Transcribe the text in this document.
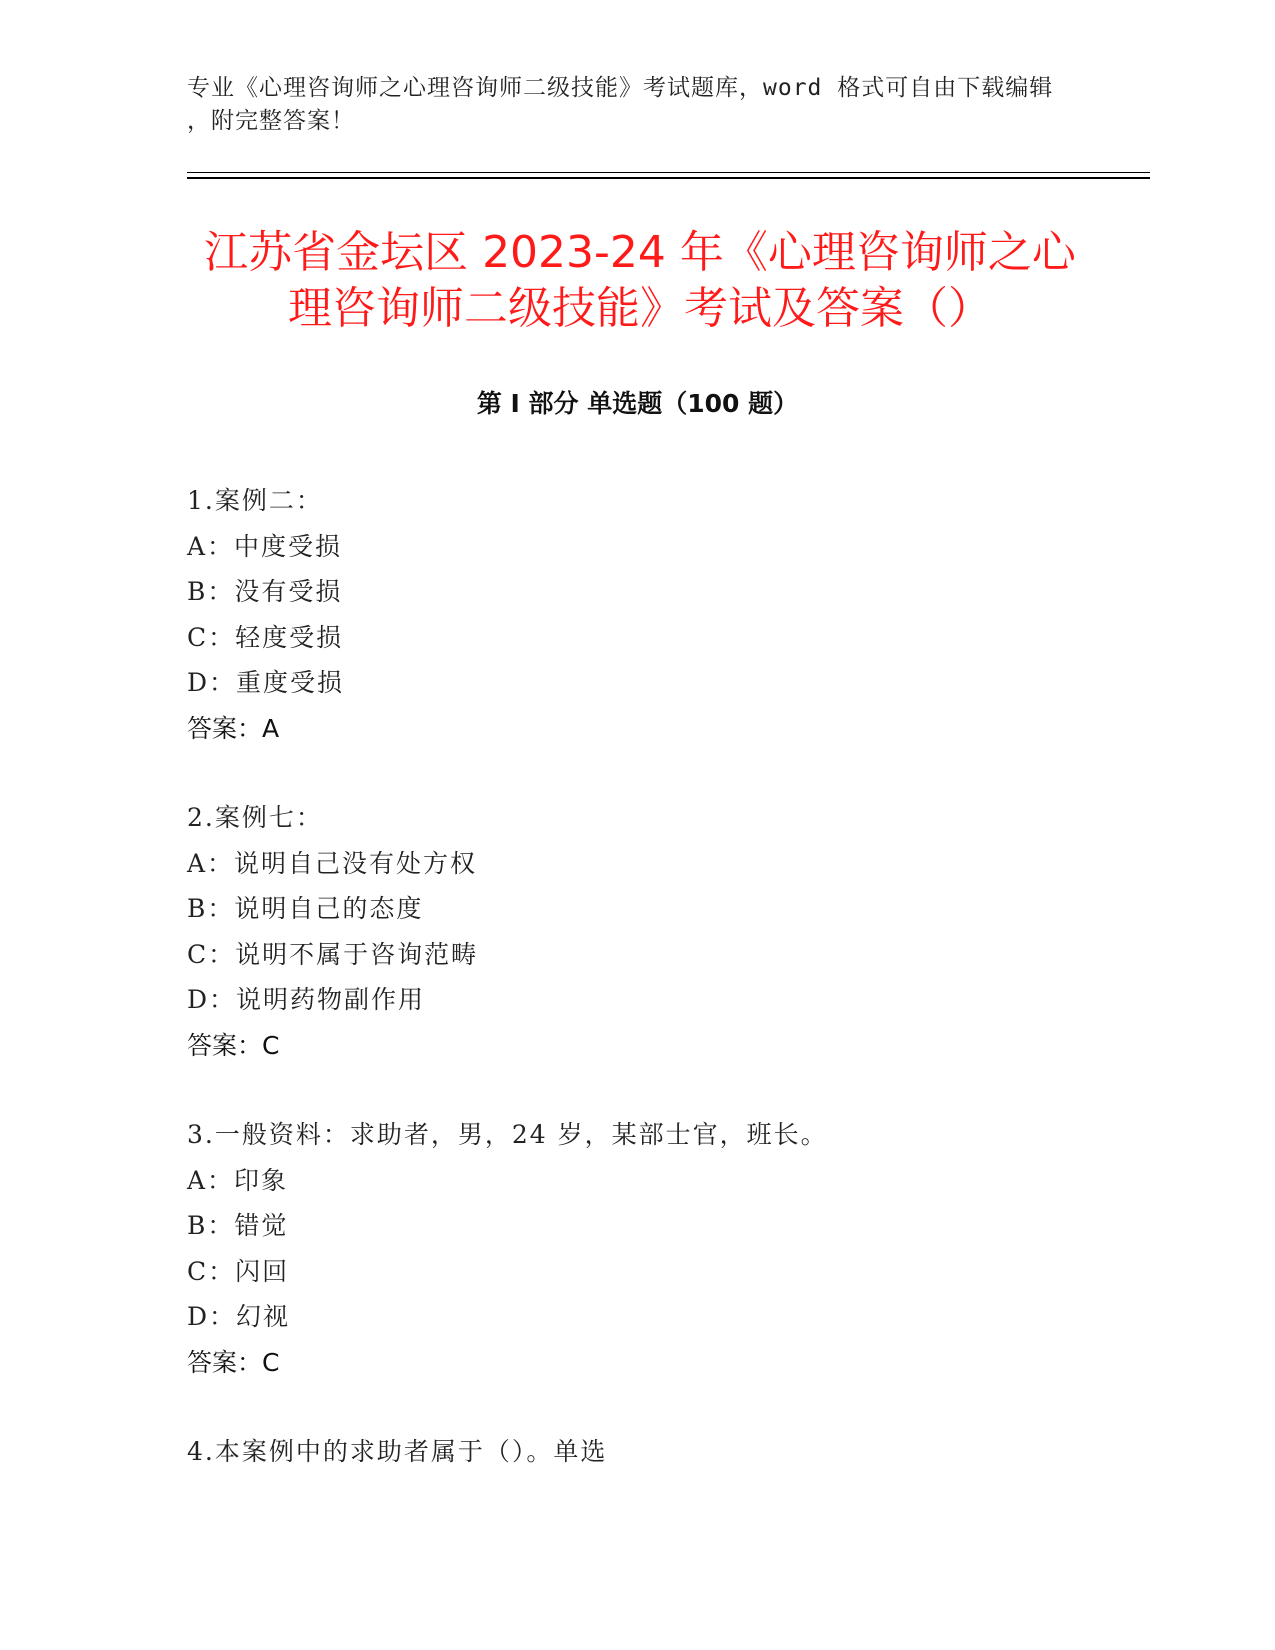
专业《心理咨询师之心理咨询师二级技能》考试题库，word 格式可自由下载编辑
，附完整答案！
江苏省金坛区 2023-24 年《心理咨询师之心
理咨询师二级技能》考试及答案（）
第 I 部分 单选题（100 题）
1.案例二：
A：中度受损
B：没有受损
C：轻度受损
D：重度受损
答案：A
2.案例七：
A：说明自己没有处方权
B：说明自己的态度
C：说明不属于咨询范畴
D：说明药物副作用
答案：C
3.一般资料：求助者，男，24 岁，某部士官，班长。
A：印象
B：错觉
C：闪回
D：幻视
答案：C
4.本案例中的求助者属于（）。单选
